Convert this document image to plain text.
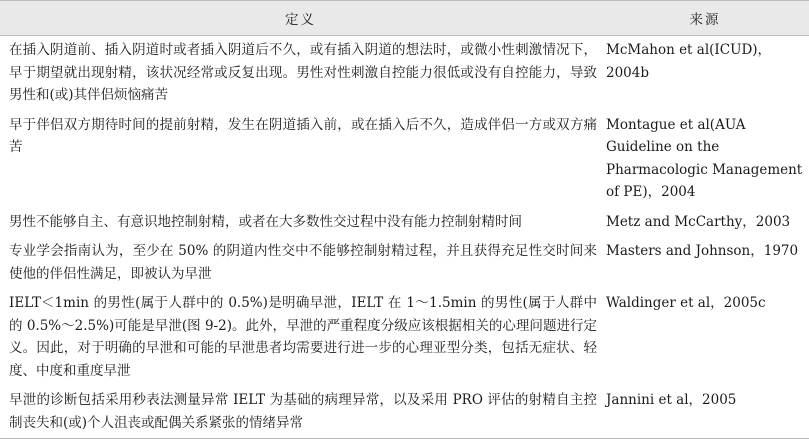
定义	来源
在插入阴道前、插入阴道时或者插入阴道后不久，或有插入阴道的想法时，或微小性刺激情况下，早于期望就出现射精，该状况经常或反复出现。男性对性刺激自控能力很低或没有自控能力，导致男性和(或)其伴侣烦恼痛苦	McMahon et al(ICUD)，2004b
早于伴侣双方期待时间的提前射精，发生在阴道插入前，或在插入后不久，造成伴侣一方或双方痛苦	Montague et al(AUA Guideline on the Pharmacologic Management of PE)，2004
男性不能够自主、有意识地控制射精，或者在大多数性交过程中没有能力控制射精时间	Metz and McCarthy，2003
专业学会指南认为，至少在 50% 的阴道内性交中不能够控制射精过程，并且获得充足性交时间来使他的伴侣性满足，即被认为早泄	Masters and Johnson，1970
IELT＜1min 的男性(属于人群中的 0.5%)是明确早泄，IELT 在 1～1.5min 的男性(属于人群中的 0.5%～2.5%)可能是早泄(图 9-2)。此外，早泄的严重程度分级应该根据相关的心理问题进行定义。因此，对于明确的早泄和可能的早泄患者均需要进行进一步的心理亚型分类，包括无症状、轻度、中度和重度早泄	Waldinger et al，2005c
早泄的诊断包括采用秒表法测量异常 IELT 为基础的病理异常，以及采用 PRO 评估的射精自主控制丧失和(或)个人沮丧或配偶关系紧张的情绪异常	Jannini et al，2005
